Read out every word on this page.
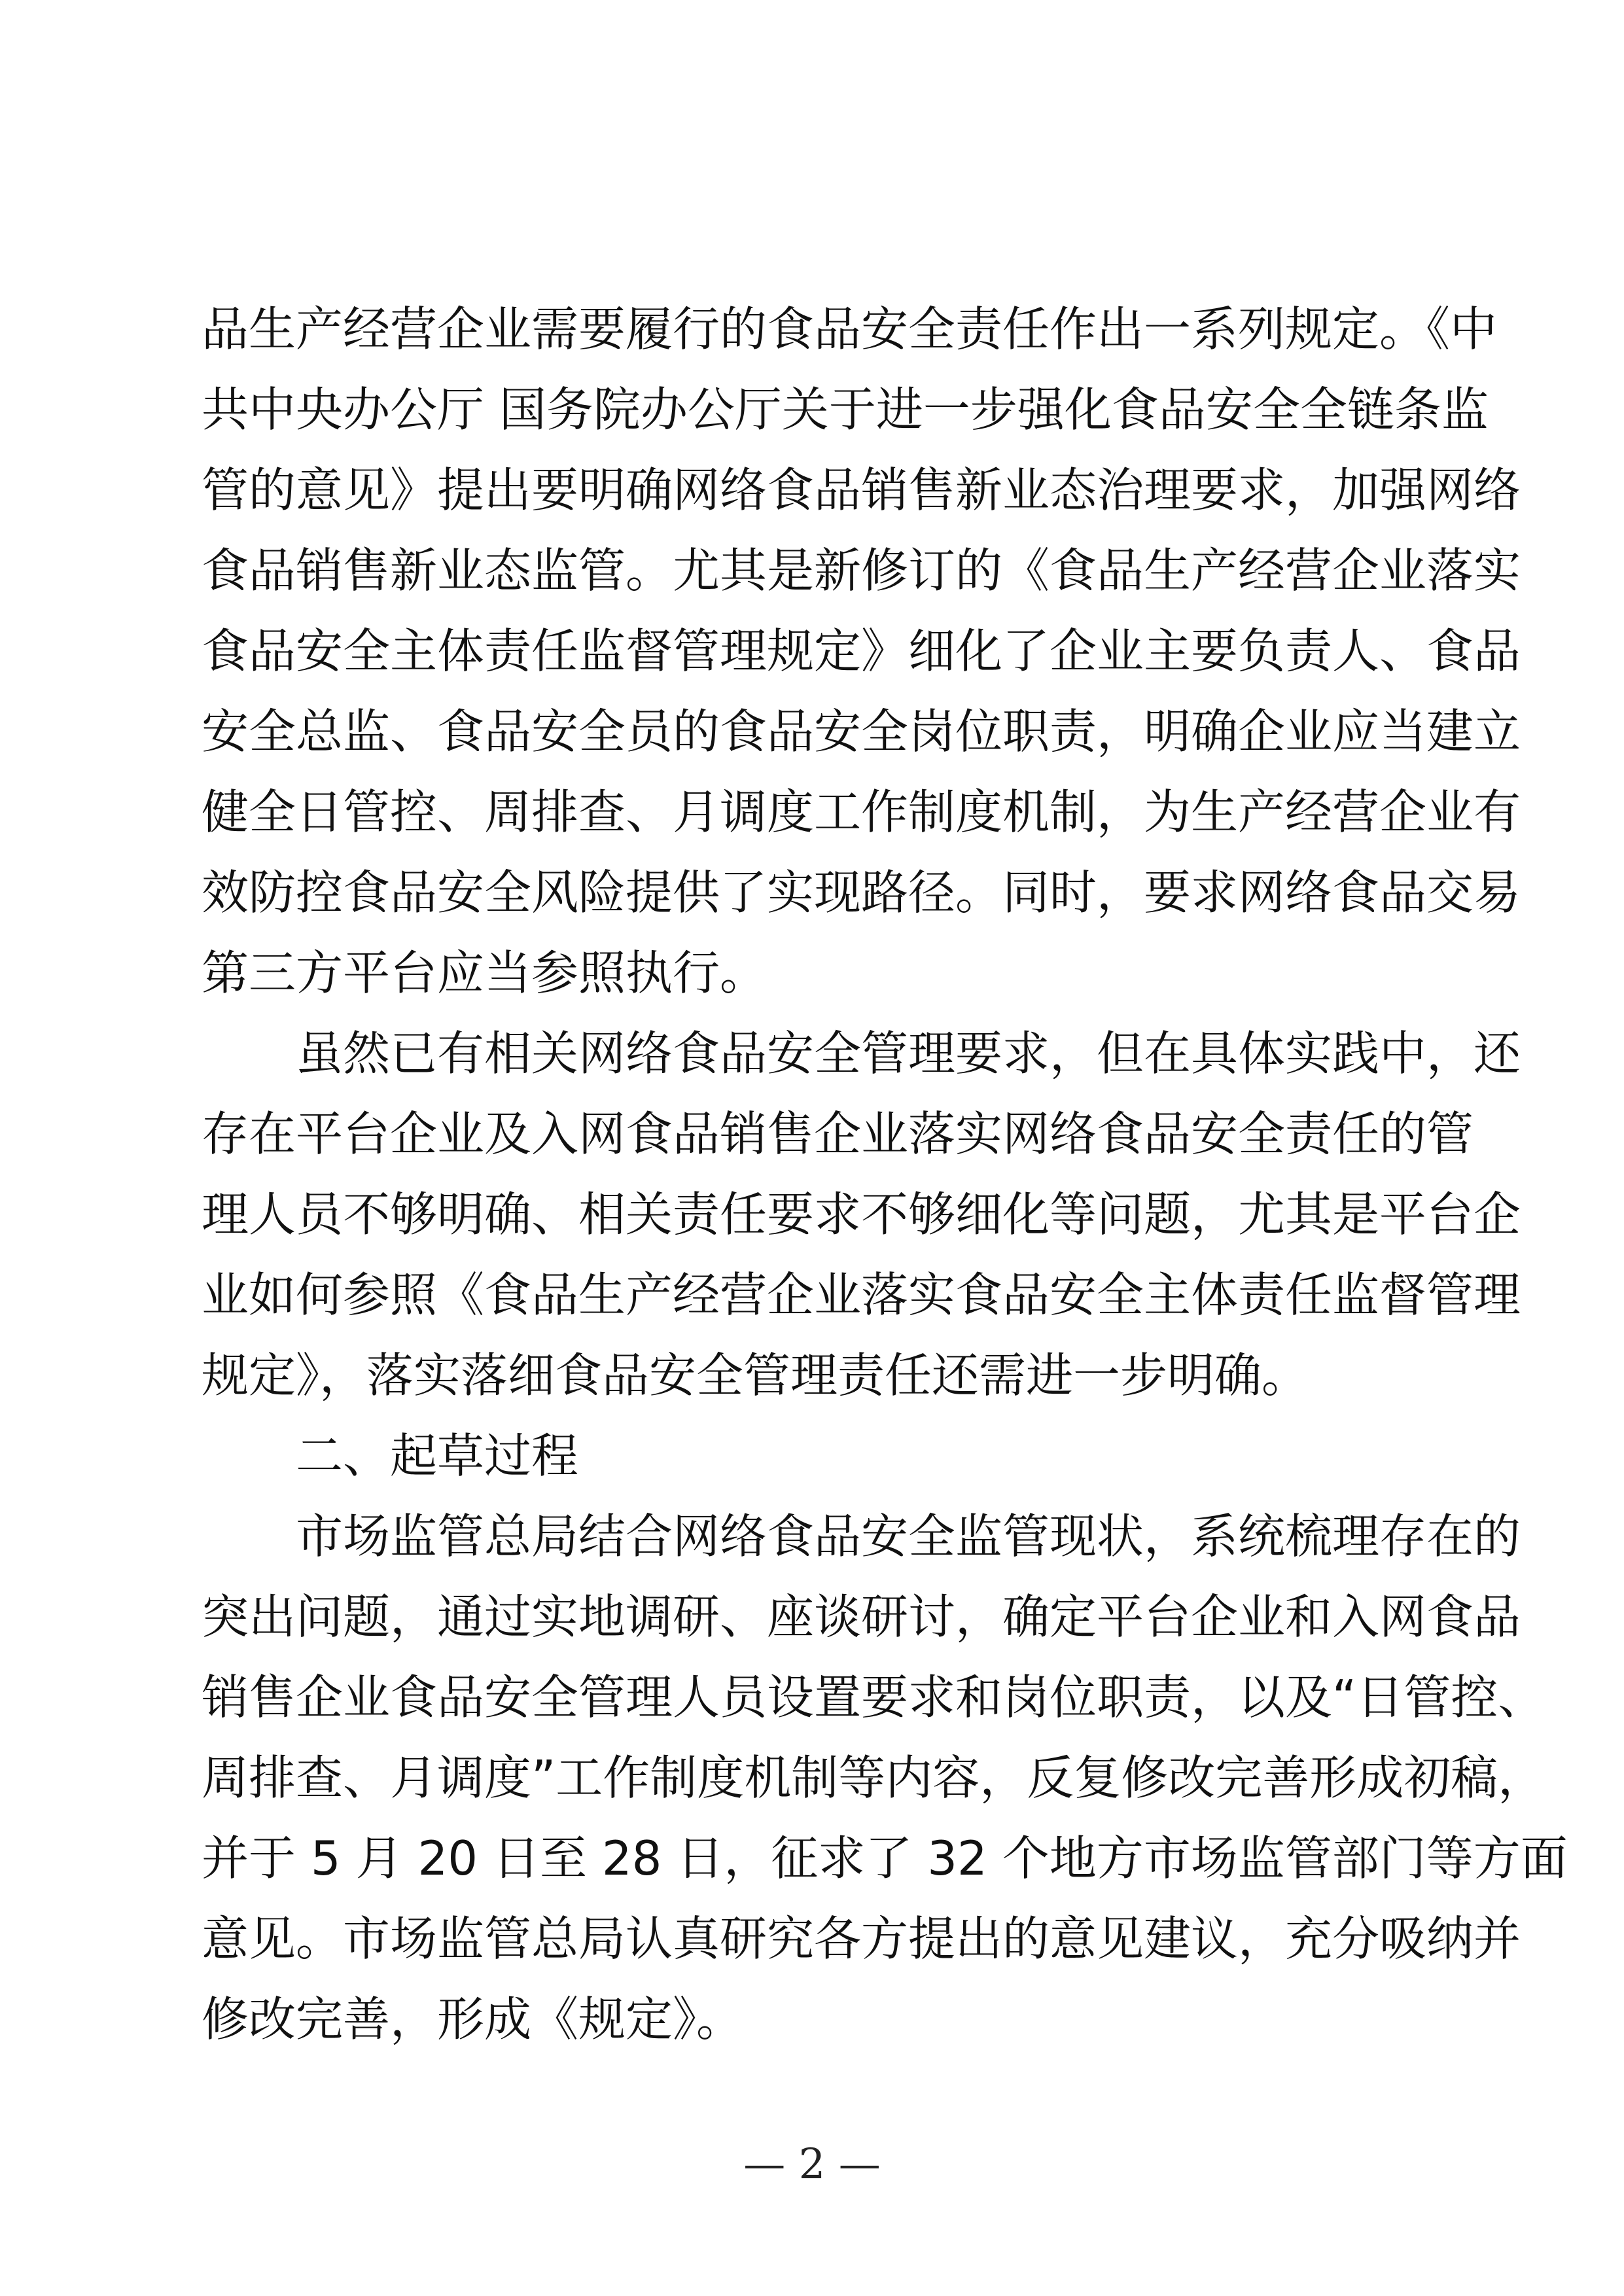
品生产经营企业需要履行的食品安全责任作出一系列规定。《中
共中央办公厅 国务院办公厅关于进一步强化食品安全全链条监
管的意见》提出要明确网络食品销售新业态治理要求，加强网络
食品销售新业态监管。尤其是新修订的《食品生产经营企业落实
食品安全主体责任监督管理规定》细化了企业主要负责人、食品
安全总监、食品安全员的食品安全岗位职责，明确企业应当建立
健全日管控、周排查、月调度工作制度机制，为生产经营企业有
效防控食品安全风险提供了实现路径。同时，要求网络食品交易
第三方平台应当参照执行。
虽然已有相关网络食品安全管理要求，但在具体实践中，还
存在平台企业及入网食品销售企业落实网络食品安全责任的管
理人员不够明确、相关责任要求不够细化等问题，尤其是平台企
业如何参照《食品生产经营企业落实食品安全主体责任监督管理
规定》，落实落细食品安全管理责任还需进一步明确。
二、起草过程
市场监管总局结合网络食品安全监管现状，系统梳理存在的
突出问题，通过实地调研、座谈研讨，确定平台企业和入网食品
销售企业食品安全管理人员设置要求和岗位职责，以及“日管控、
周排查、月调度”工作制度机制等内容，反复修改完善形成初稿，
并于 5 月 20 日至 28 日，征求了 32 个地方市场监管部门等方面
意见。市场监管总局认真研究各方提出的意见建议，充分吸纳并
修改完善，形成《规定》。
— 2 —
